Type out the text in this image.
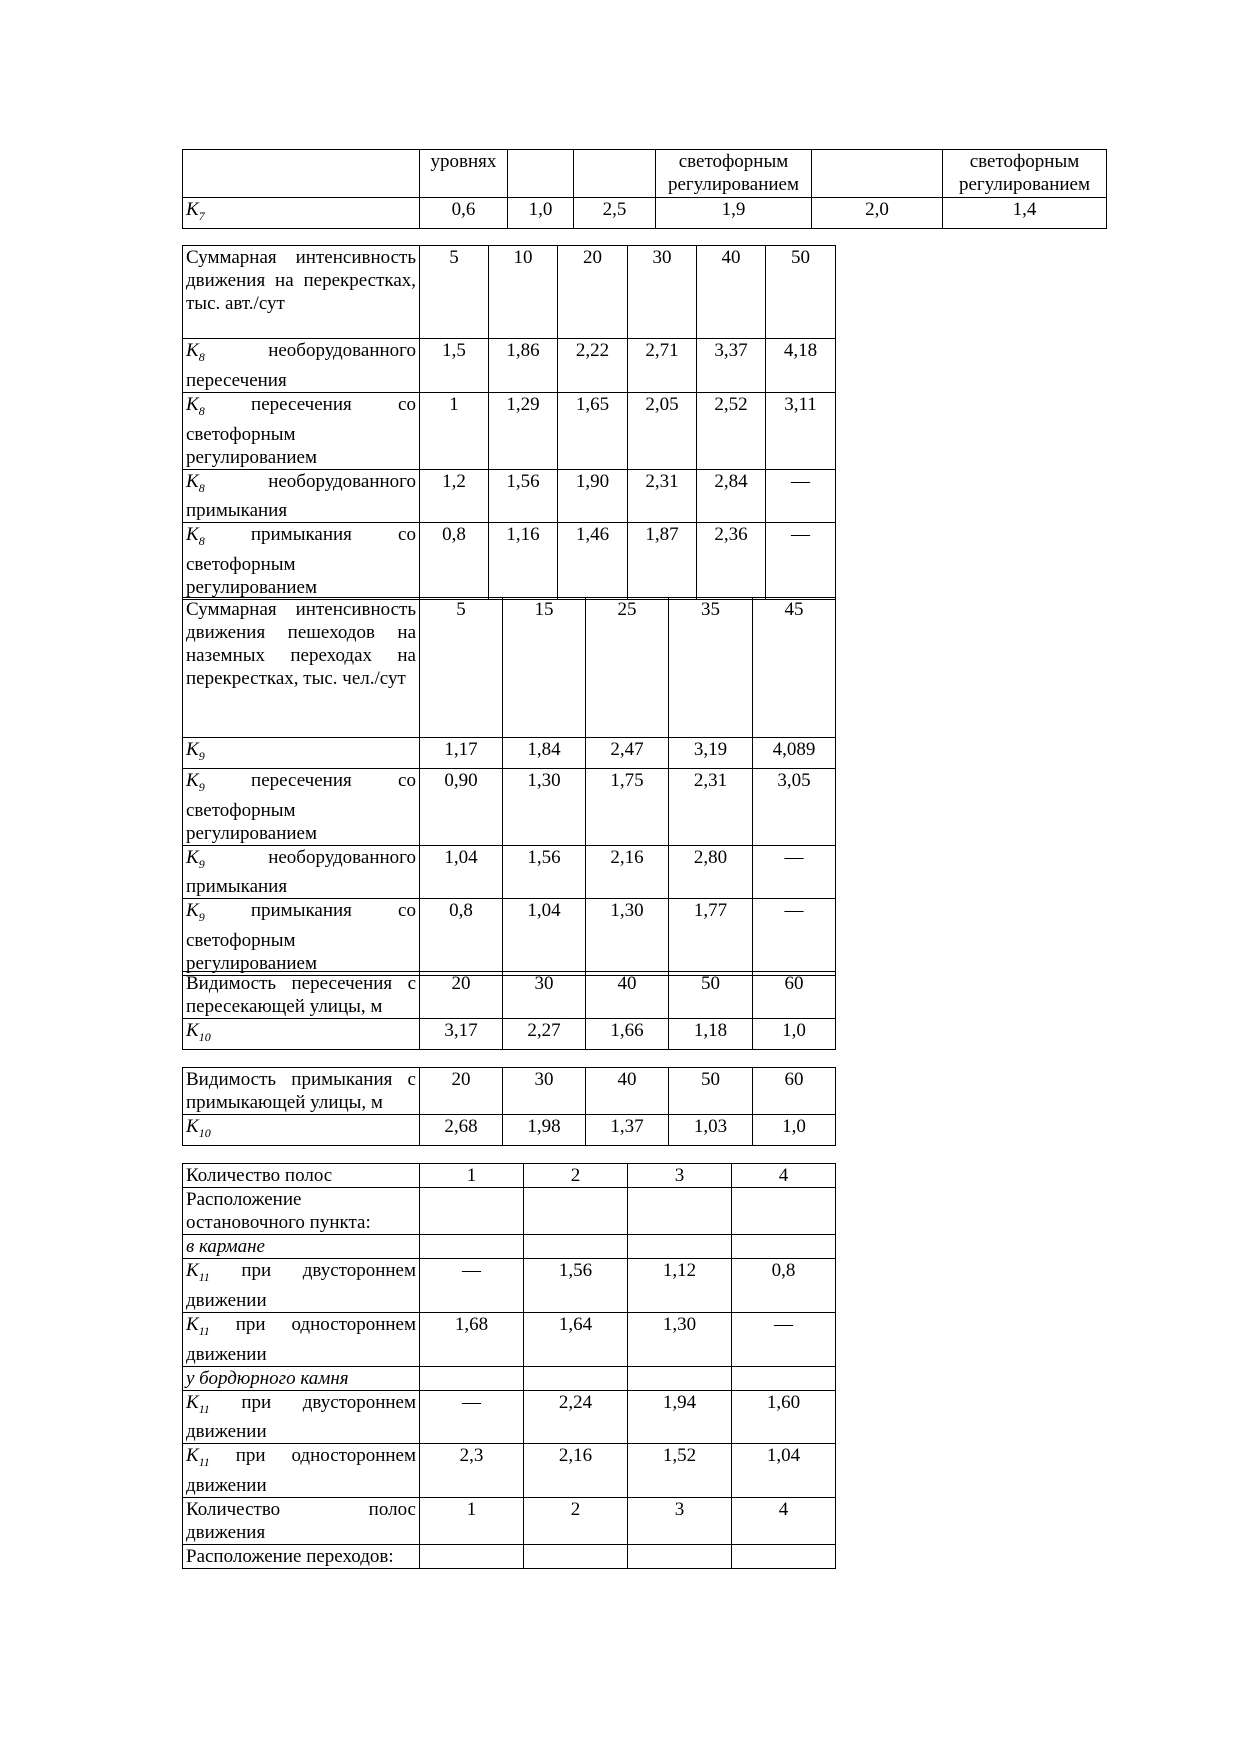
	уровнях			светофорным регулированием		светофорным регулированием
$K_7$	0,6	1,0	2,5	1,9	2,0	1,4
Суммарная интенсивность движения на перекрестках, тыс. авт./сут	5	10	20	30	40	50
$K_8$ необорудованного пересечения	1,5	1,86	2,22	2,71	3,37	4,18
$K_8$ пересечения со светофорным регулированием	1	1,29	1,65	2,05	2,52	3,11
$K_8$ необорудованного примыкания	1,2	1,56	1,90	2,31	2,84	—
$K_8$ примыкания со светофорным регулированием	0,8	1,16	1,46	1,87	2,36	—
Суммарная интенсивность движения пешеходов на наземных переходах на перекрестках, тыс. чел./сут	5	15	25	35	45
$K_9$	1,17	1,84	2,47	3,19	4,089
$K_9$ пересечения со светофорным регулированием	0,90	1,30	1,75	2,31	3,05
$K_9$ необорудованного примыкания	1,04	1,56	2,16	2,80	—
$K_9$ примыкания со светофорным регулированием	0,8	1,04	1,30	1,77	—
Видимость пересечения с пересекающей улицы, м	20	30	40	50	60
$K_{10}$	3,17	2,27	1,66	1,18	1,0
Видимость примыкания с примыкающей улицы, м	20	30	40	50	60
$K_{10}$	2,68	1,98	1,37	1,03	1,0
Количество полос	1	2	3	4
Расположение остановочного пункта:				
в кармане				
$K_{11}$ при двустороннем движении	—	1,56	1,12	0,8
$K_{11}$ при одностороннем движении	1,68	1,64	1,30	—
у бордюрного камня				
$K_{11}$ при двустороннем движении	—	2,24	1,94	1,60
$K_{11}$ при одностороннем движении	2,3	2,16	1,52	1,04
Количество полос движения	1	2	3	4
Расположение переходов:				
